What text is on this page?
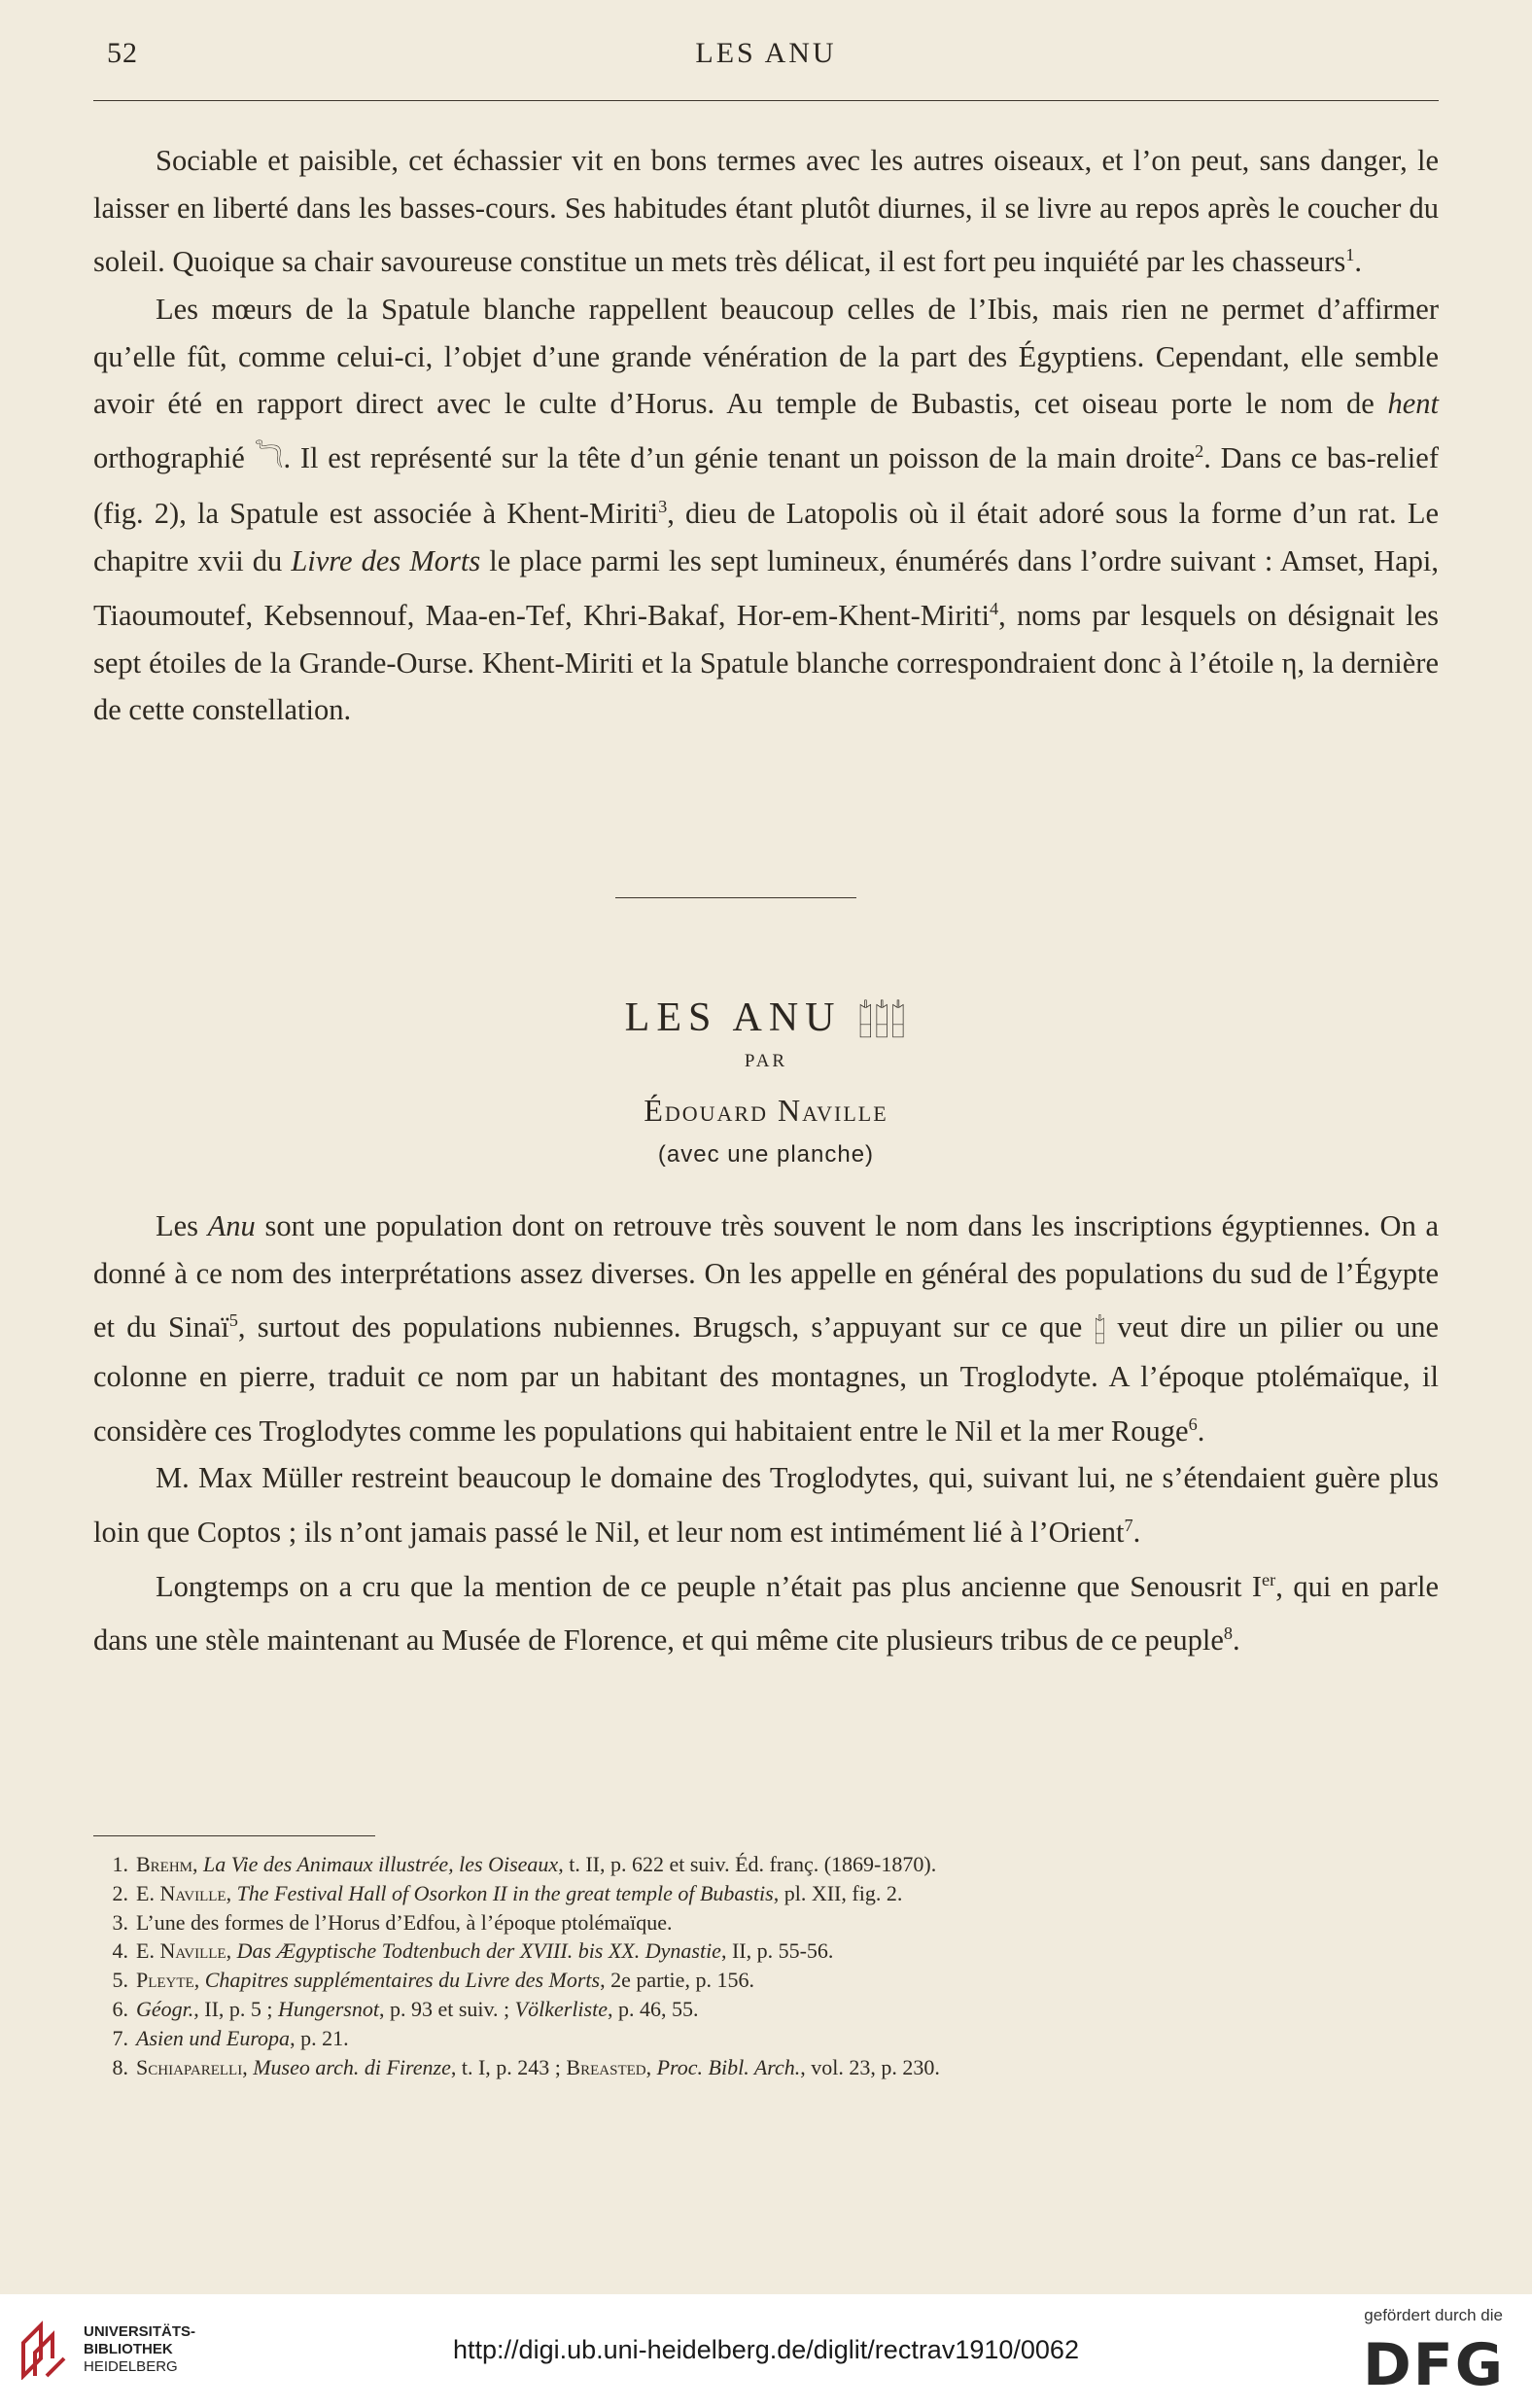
52	LES ANU

Sociable et paisible, cet échassier vit en bons termes avec les autres oiseaux, et l’on peut, sans danger, le laisser en liberté dans les basses-cours. Ses habitudes étant plutôt diurnes, il se livre au repos après le coucher du soleil. Quoique sa chair savoureuse constitue un mets très délicat, il est fort peu inquiété par les chasseurs$^1$.

Les mœurs de la Spatule blanche rappellent beaucoup celles de l’Ibis, mais rien ne permet d’affirmer qu’elle fût, comme celui-ci, l’objet d’une grande vénération de la part des Égyptiens. Cependant, elle semble avoir été en rapport direct avec le culte d’Horus. Au temple de Bubastis, cet oiseau porte le nom de hent orthographié 𓆓. Il est représenté sur la tête d’un génie tenant un poisson de la main droite$^2$. Dans ce bas-relief (fig. 2), la Spatule est associée à Khent-Miriti$^3$, dieu de Latopolis où il était adoré sous la forme d’un rat. Le chapitre xvii du Livre des Morts le place parmi les sept lumineux, énumérés dans l’ordre suivant : Amset, Hapi, Tiaoumoutef, Kebsennouf, Maa-en-Tef, Khri-Bakaf, Hor-em-Khent-Miriti$^4$, noms par lesquels on désignait les sept étoiles de la Grande-Ourse. Khent-Miriti et la Spatule blanche correspondraient donc à l’étoile η, la dernière de cette constellation.

LES ANU 𓉺𓉺𓉺
PAR
Édouard Naville
(avec une planche)

Les Anu sont une population dont on retrouve très souvent le nom dans les inscriptions égyptiennes. On a donné à ce nom des interprétations assez diverses. On les appelle en général des populations du sud de l’Égypte et du Sinaï$^5$, surtout des populations nubiennes. Brugsch, s’appuyant sur ce que 𓉺 veut dire un pilier ou une colonne en pierre, traduit ce nom par un habitant des montagnes, un Troglodyte. A l’époque ptolémaïque, il considère ces Troglodytes comme les populations qui habitaient entre le Nil et la mer Rouge$^6$.

M. Max Müller restreint beaucoup le domaine des Troglodytes, qui, suivant lui, ne s’étendaient guère plus loin que Coptos ; ils n’ont jamais passé le Nil, et leur nom est intimément lié à l’Orient$^7$.

Longtemps on a cru que la mention de ce peuple n’était pas plus ancienne que Senousrit Ier, qui en parle dans une stèle maintenant au Musée de Florence, et qui même cite plusieurs tribus de ce peuple$^8$.

1. Brehm, La Vie des Animaux illustrée, les Oiseaux, t. II, p. 622 et suiv. Éd. franç. (1869-1870).
2. E. Naville, The Festival Hall of Osorkon II in the great temple of Bubastis, pl. XII, fig. 2.
3. L’une des formes de l’Horus d’Edfou, à l’époque ptolémaïque.
4. E. Naville, Das Ægyptische Todtenbuch der XVIII. bis XX. Dynastie, II, p. 55-56.
5. Pleyte, Chapitres supplémentaires du Livre des Morts, 2e partie, p. 156.
6. Géogr., II, p. 5 ; Hungersnot, p. 93 et suiv. ; Völkerliste, p. 46, 55.
7. Asien und Europa, p. 21.
8. Schiaparelli, Museo arch. di Firenze, t. I, p. 243 ; Breasted, Proc. Bibl. Arch., vol. 23, p. 230.
UNIVERSITÄTS-
BIBLIOTHEK
HEIDELBERG
http://digi.ub.uni-heidelberg.de/diglit/rectrav1910/0062
gefördert durch die
DFG
